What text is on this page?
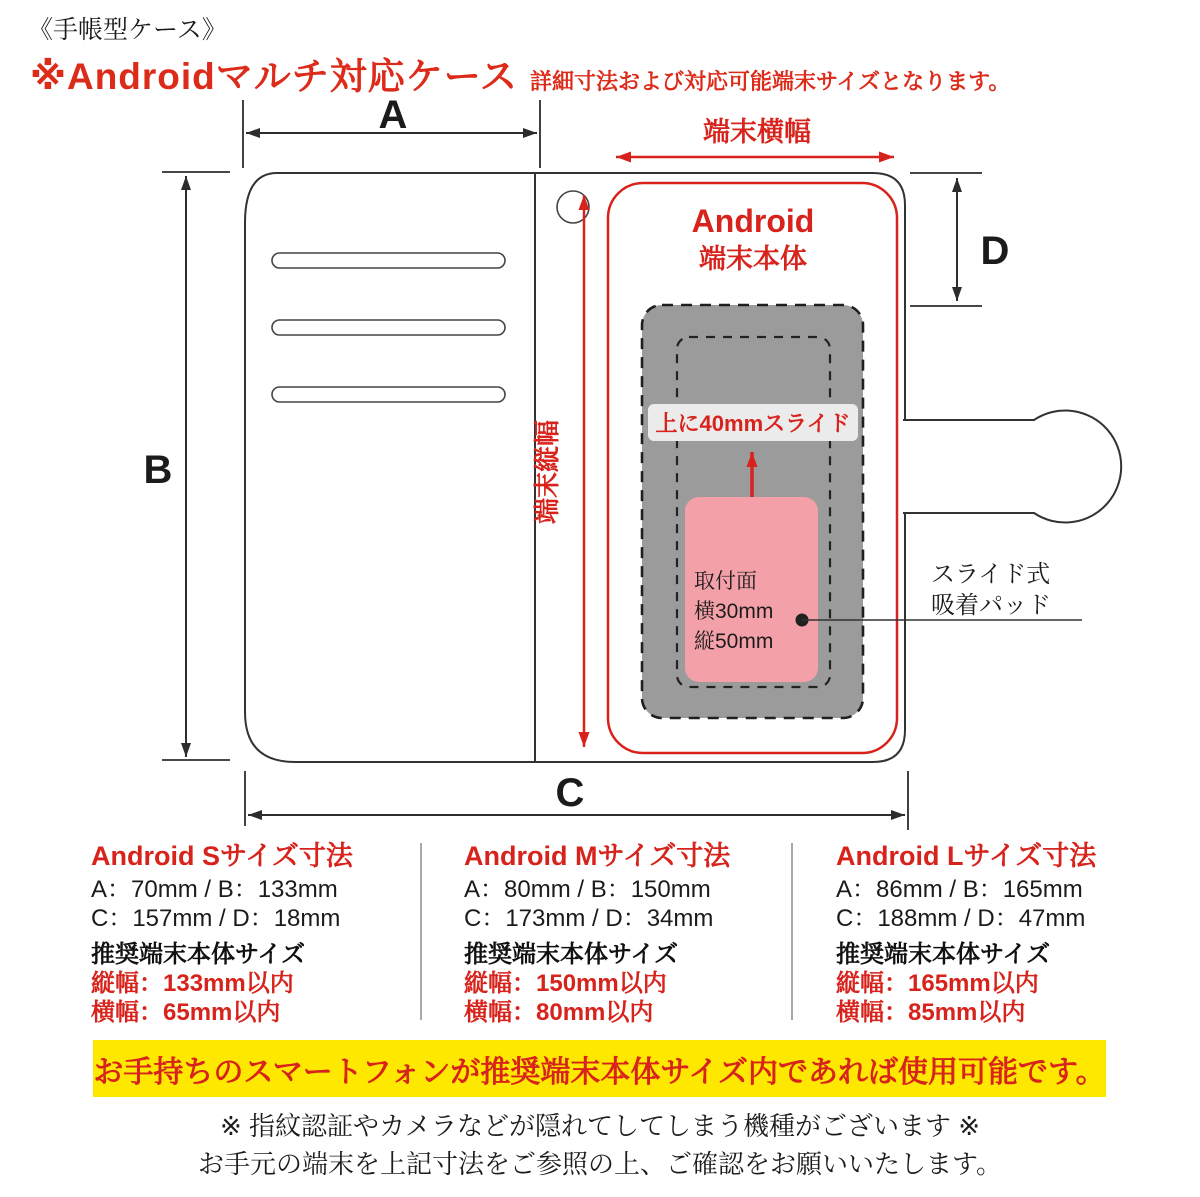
《手帳型ケース》
※Androidマルチ対応ケース 詳細寸法および対応可能端末サイズとなります。
Android
端末本体
上に40mmスライド
取付面
横30mm
縦50mm
スライド式
吸着パッド
A
B
C
D
端末横幅
端末縦幅
Android Sサイズ寸法
A：70mm / B：133mm
C：157mm / D：18mm
推奨端末本体サイズ
縦幅：133mm以内
横幅：65mm以内
Android Mサイズ寸法
A：80mm / B：150mm
C：173mm / D：34mm
推奨端末本体サイズ
縦幅：150mm以内
横幅：80mm以内
Android Lサイズ寸法
A：86mm / B：165mm
C：188mm / D：47mm
推奨端末本体サイズ
縦幅：165mm以内
横幅：85mm以内
お手持ちのスマートフォンが推奨端末本体サイズ内であれば使用可能です。
※ 指紋認証やカメラなどが隠れてしてしまう機種がございます ※
お手元の端末を上記寸法をご参照の上、ご確認をお願いいたします。
